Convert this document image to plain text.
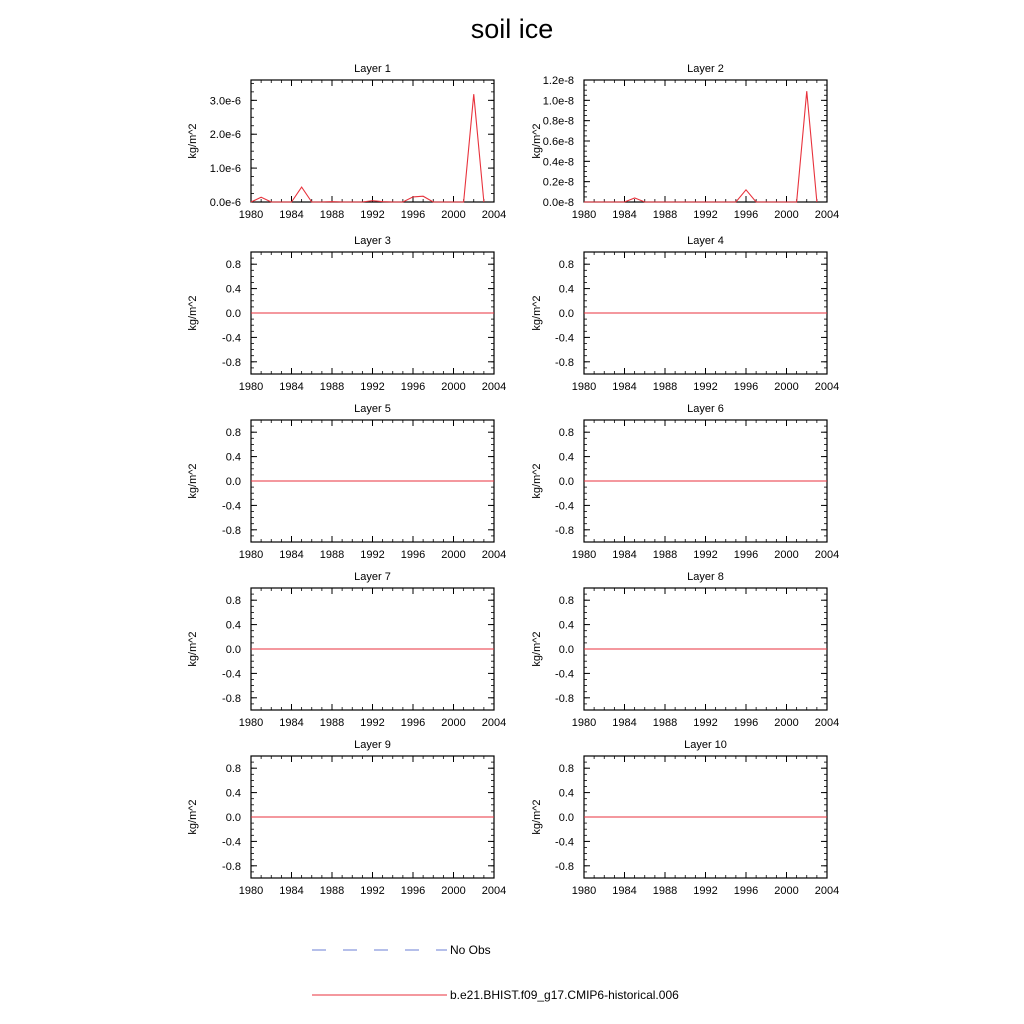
soil ice
Layer 1
1980 1984 1988 1992 1996 2000 2004
0.0e-6
1.0e-6
2.0e-6
3.0e-6
kg/m^2
Layer 2
1980 1984 1988 1992 1996 2000 2004
0.0e-8
0.2e-8
0.4e-8
0.6e-8
0.8e-8
1.0e-8
1.2e-8
kg/m^2
Layer 3
1980 1984 1988 1992 1996 2000 2004
-0.8
-0.4
0.0
0.4
0.8
kg/m^2
Layer 4
1980 1984 1988 1992 1996 2000 2004
-0.8
-0.4
0.0
0.4
0.8
kg/m^2
Layer 5
1980 1984 1988 1992 1996 2000 2004
-0.8
-0.4
0.0
0.4
0.8
kg/m^2
Layer 6
1980 1984 1988 1992 1996 2000 2004
-0.8
-0.4
0.0
0.4
0.8
kg/m^2
Layer 7
1980 1984 1988 1992 1996 2000 2004
-0.8
-0.4
0.0
0.4
0.8
kg/m^2
Layer 8
1980 1984 1988 1992 1996 2000 2004
-0.8
-0.4
0.0
0.4
0.8
kg/m^2
Layer 9
1980 1984 1988 1992 1996 2000 2004
-0.8
-0.4
0.0
0.4
0.8
kg/m^2
Layer 10
1980 1984 1988 1992 1996 2000 2004
-0.8
-0.4
0.0
0.4
0.8
kg/m^2
No Obs
b.e21.BHIST.f09_g17.CMIP6-historical.006
